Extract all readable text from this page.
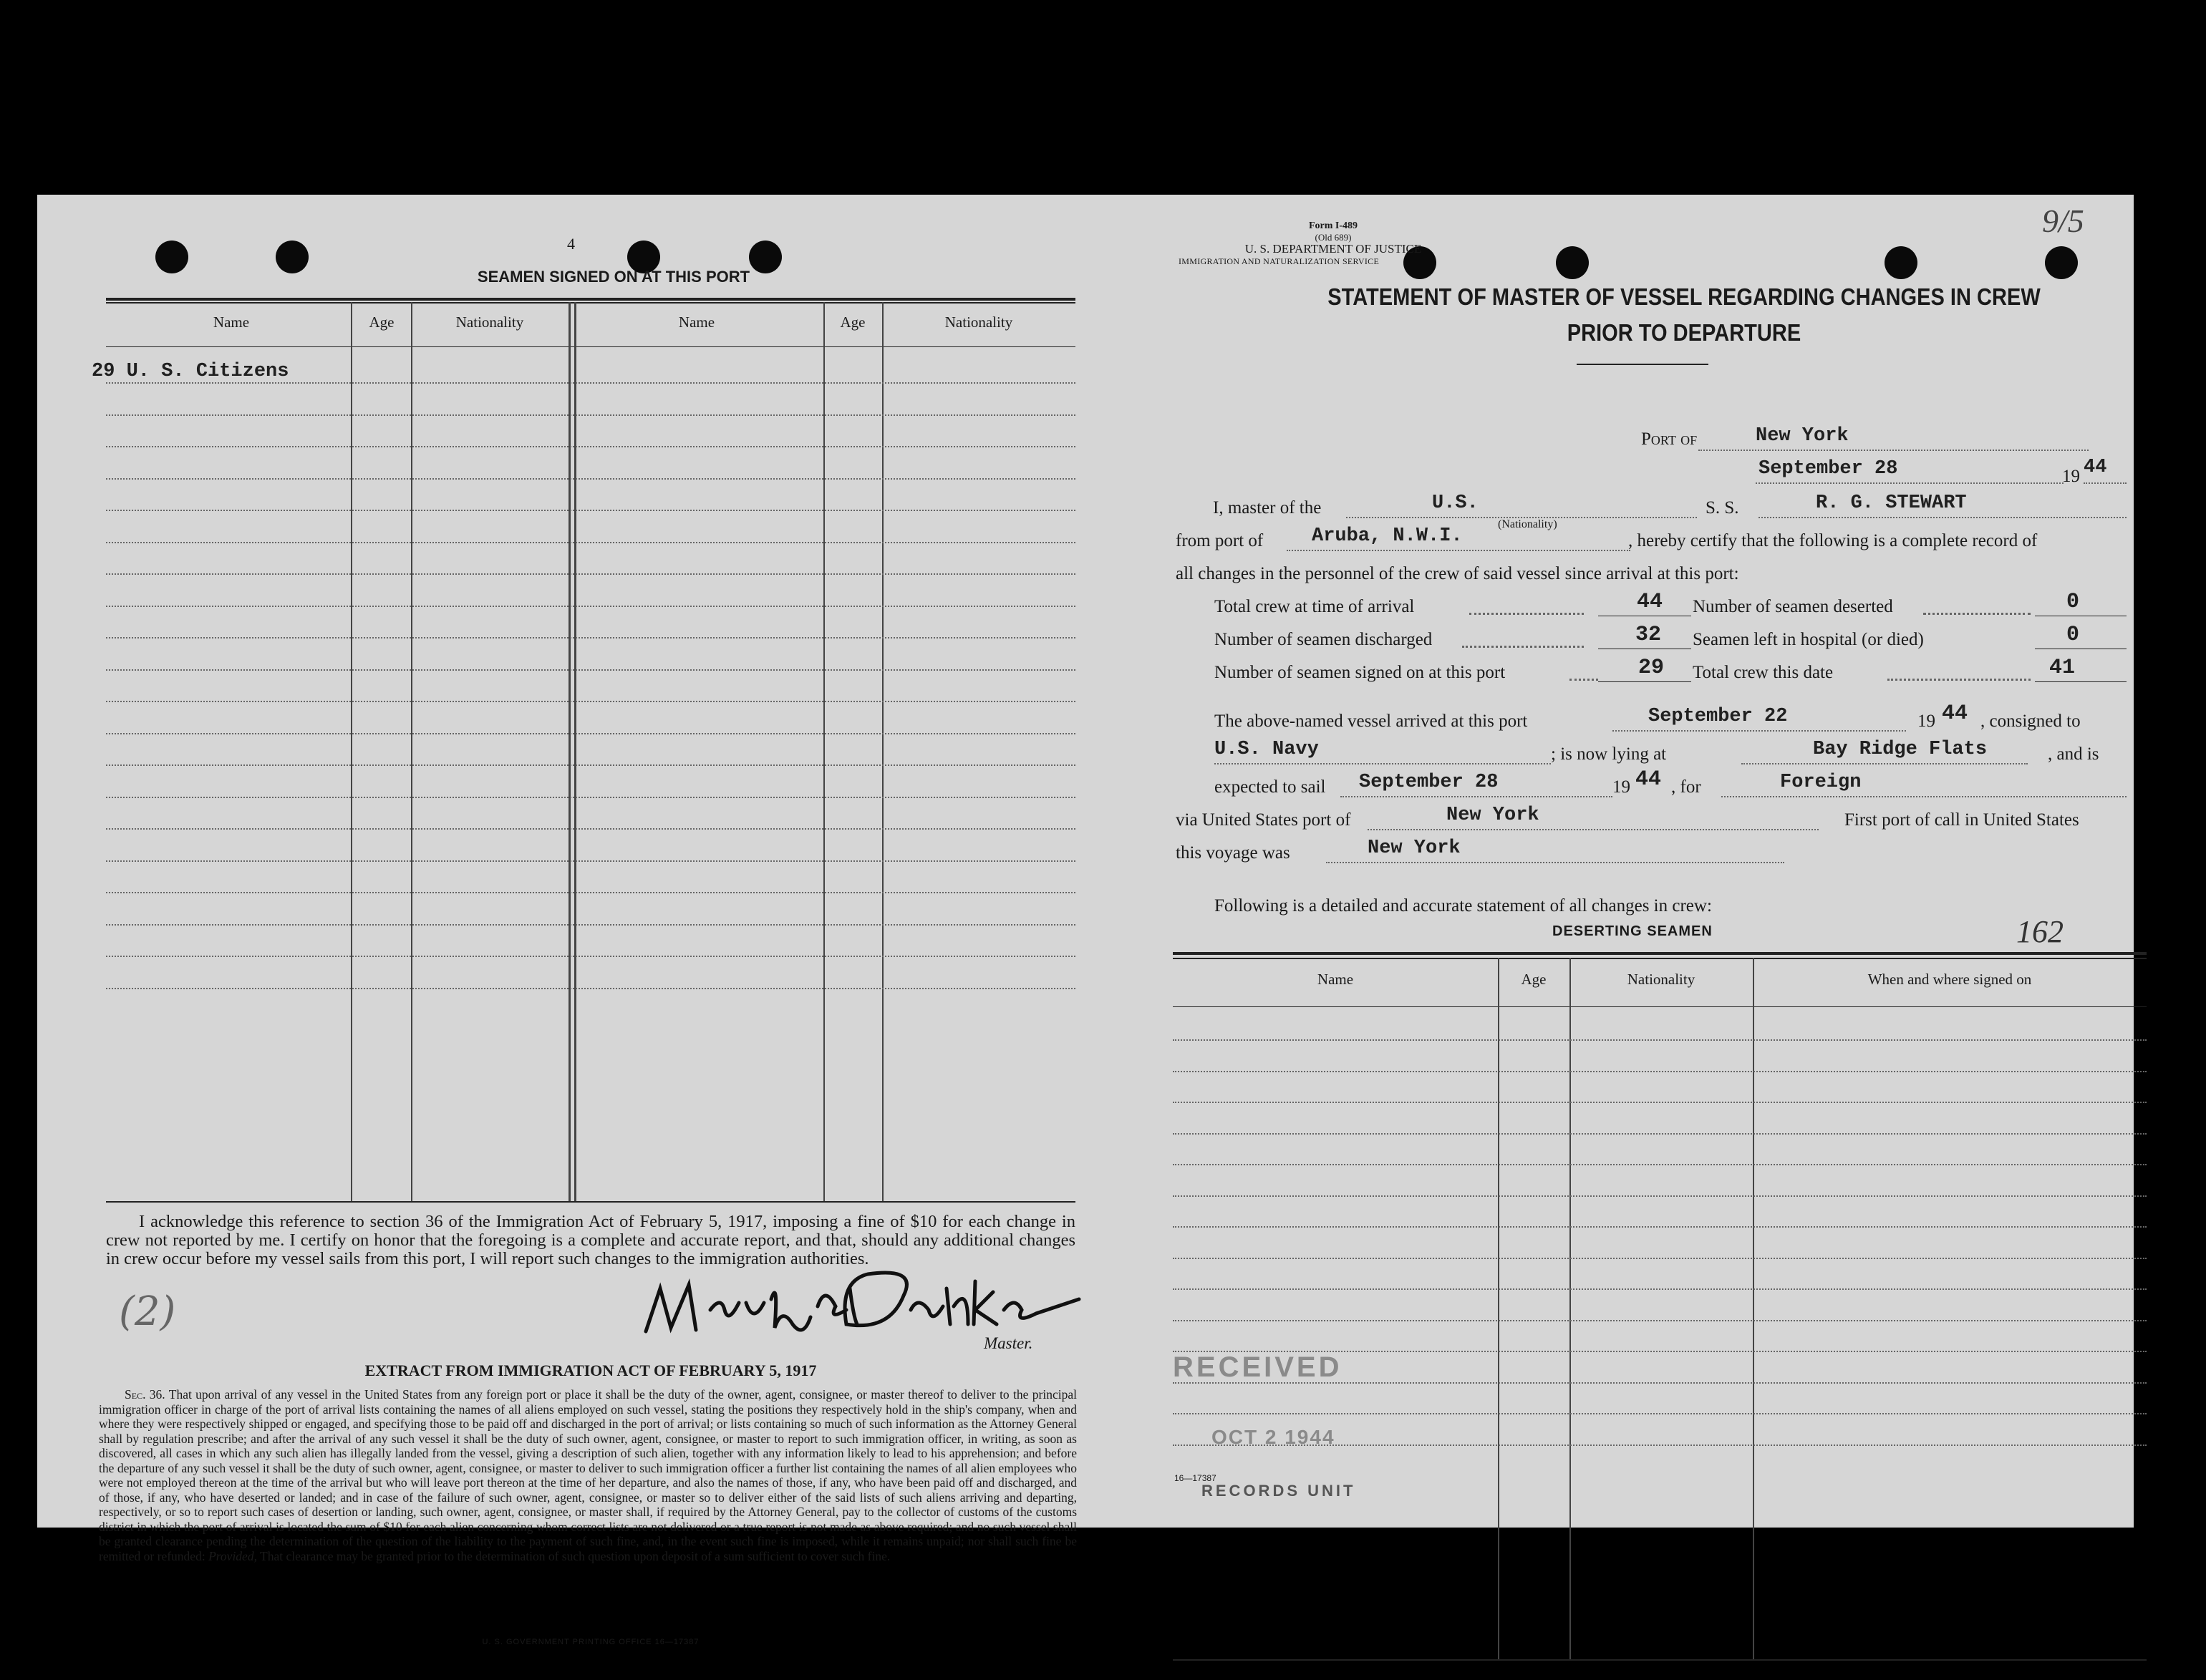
4
SEAMEN SIGNED ON AT THIS PORT
Name	Age	Nationality	Name	Age	Nationality
29 U. S. Citizens
I acknowledge this reference to section 36 of the Immigration Act of February 5, 1917, imposing a fine of $10 for each change in crew not reported by me. I certify on honor that the foregoing is a complete and accurate report, and that, should any additional changes in crew occur before my vessel sails from this port, I will report such changes to the immigration authorities.
(2)
Master.
EXTRACT FROM IMMIGRATION ACT OF FEBRUARY 5, 1917

Sec. 36. That upon arrival of any vessel in the United States from any foreign port or place it shall be the duty of the owner, agent, consignee, or master thereof to deliver to the principal immigration officer in charge of the port of arrival lists containing the names of all aliens employed on such vessel, stating the positions they respectively hold in the ship's company, when and where they were respectively shipped or engaged, and specifying those to be paid off and discharged in the port of arrival; or lists containing so much of such information as the Attorney General shall by regulation prescribe; and after the arrival of any such vessel it shall be the duty of such owner, agent, consignee, or master to report to such immigration officer, in writing, as soon as discovered, all cases in which any such alien has illegally landed from the vessel, giving a description of such alien, together with any information likely to lead to his apprehension; and before the departure of any such vessel it shall be the duty of such owner, agent, consignee, or master to deliver to such immigration officer a further list containing the names of all alien employees who were not employed thereon at the time of the arrival but who will leave port thereon at the time of her departure, and also the names of those, if any, who have been paid off and discharged, and of those, if any, who have deserted or landed; and in case of the failure of such owner, agent, consignee, or master so to deliver either of the said lists of such aliens arriving and departing, respectively, or so to report such cases of desertion or landing, such owner, agent, consignee, or master shall, if required by the Attorney General, pay to the collector of customs of the customs district in which the port of arrival is located the sum of $10 for each alien concerning whom correct lists are not delivered or a true report is not made as above required; and no such vessel shall be granted clearance pending the determination of the question of the liability to the payment of such fine, and, in the event such fine is imposed, while it remains unpaid; nor shall such fine be remitted or refunded: Provided, That clearance may be granted prior to the determination of such question upon deposit of a sum sufficient to cover such fine.

U. S. GOVERNMENT PRINTING OFFICE 16—17387
Form I-489
(Old 689)
U. S. DEPARTMENT OF JUSTICE
IMMIGRATION AND NATURALIZATION SERVICE
STATEMENT OF MASTER OF VESSEL REGARDING CHANGES IN CREW
PRIOR TO DEPARTURE
Port of	New York
September 28	19 44
I, master of the	U.S.
(Nationality)
S. S.	R. G. STEWART
from port of	Aruba, N.W.I.	, hereby certify that the following is a complete record of
all changes in the personnel of the crew of said vessel since arrival at this port:
Total crew at time of arrival	44
Number of seamen discharged	32
Number of seamen signed on at this port	29
Number of seamen deserted	0
Seamen left in hospital (or died)	0
Total crew this date	41
The above-named vessel arrived at this port	September 22	19 44 , consigned to
U.S. Navy	; is now lying at	Bay Ridge Flats	, and is
expected to sail September 28	19 44 , for	Foreign
via United States port of	New York	First port of call in United States
this voyage was	New York
Following is a detailed and accurate statement of all changes in crew:
DESERTING SEAMEN	162
Name	Age	Nationality	When and where signed on
RECEIVED
OCT 2 1944
RECORDS UNIT
16—17387
9/5
